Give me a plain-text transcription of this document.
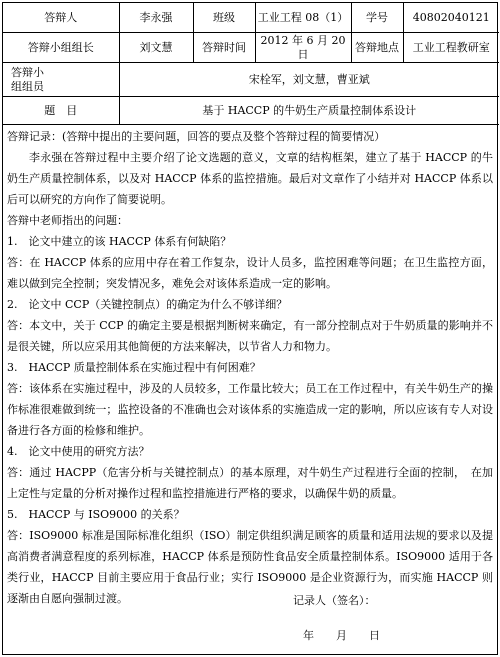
答辩人	李永强	班级	工业工程 08（1）	学号	40802040121
答辩小组组长	刘文慧	答辩时间	2012 年 6 月 20 日	答辩地点	工业工程教研室

答辩小
组组员	宋栓军，刘文慧，曹亚斌				
题　目	基于 HACCP 的牛奶生产质量控制体系设计				

答辩记录：(答辩中提出的主要问题，回答的要点及整个答辩过程的简要情况）

李永强在答辩过程中主要介绍了论文选题的意义，文章的结构框架，建立了基于 HACCP 的牛奶生产质量控制体系，以及对 HACCP 体系的监控措施。最后对文章作了小结并对 HACCP 体系以后可以研究的方向作了简要说明。

答辩中老师指出的问题：

1.　论文中建立的该 HACCP 体系有何缺陷？

答：在 HACCP 体系的应用中存在着工作复杂，设计人员多，监控困难等问题；在卫生监控方面，难以做到完全控制；突发情况多，难免会对该体系造成一定的影响。

2.　论文中 CCP（关键控制点）的确定为什么不够详细？

答：本文中，关于 CCP 的确定主要是根据判断树来确定，有一部分控制点对于牛奶质量的影响并不是很关键，所以应采用其他简便的方法来解决，以节省人力和物力。

3.　HACCP 质量控制体系在实施过程中有何困难？

答：该体系在实施过程中，涉及的人员较多，工作量比较大；员工在工作过程中，有关牛奶生产的操作标准很难做到统一；监控设备的不准确也会对该体系的实施造成一定的影响，所以应该有专人对设备进行各方面的检修和维护。

4.　论文中使用的研究方法？

答：通过 HACPP（危害分析与关键控制点）的基本原理，对牛奶生产过程进行全面的控制，　在加上定性与定量的分析对操作过程和监控措施进行严格的要求，以确保牛奶的质量。

5.　HACCP 与 ISO9000 的关系？

答：ISO9000 标准是国际标准化组织（ISO）制定供组织满足顾客的质量和适用法规的要求以及提高消费者满意程度的系列标准，HACCP 体系是预防性食品安全质量控制体系。ISO9000 适用于各类行业，HACCP 目前主要应用于食品行业；实行 ISO9000 是企业资源行为，而实施 HACCP 则逐渐由自愿向强制过渡。	记录人（签名）：
年　　月　　日
